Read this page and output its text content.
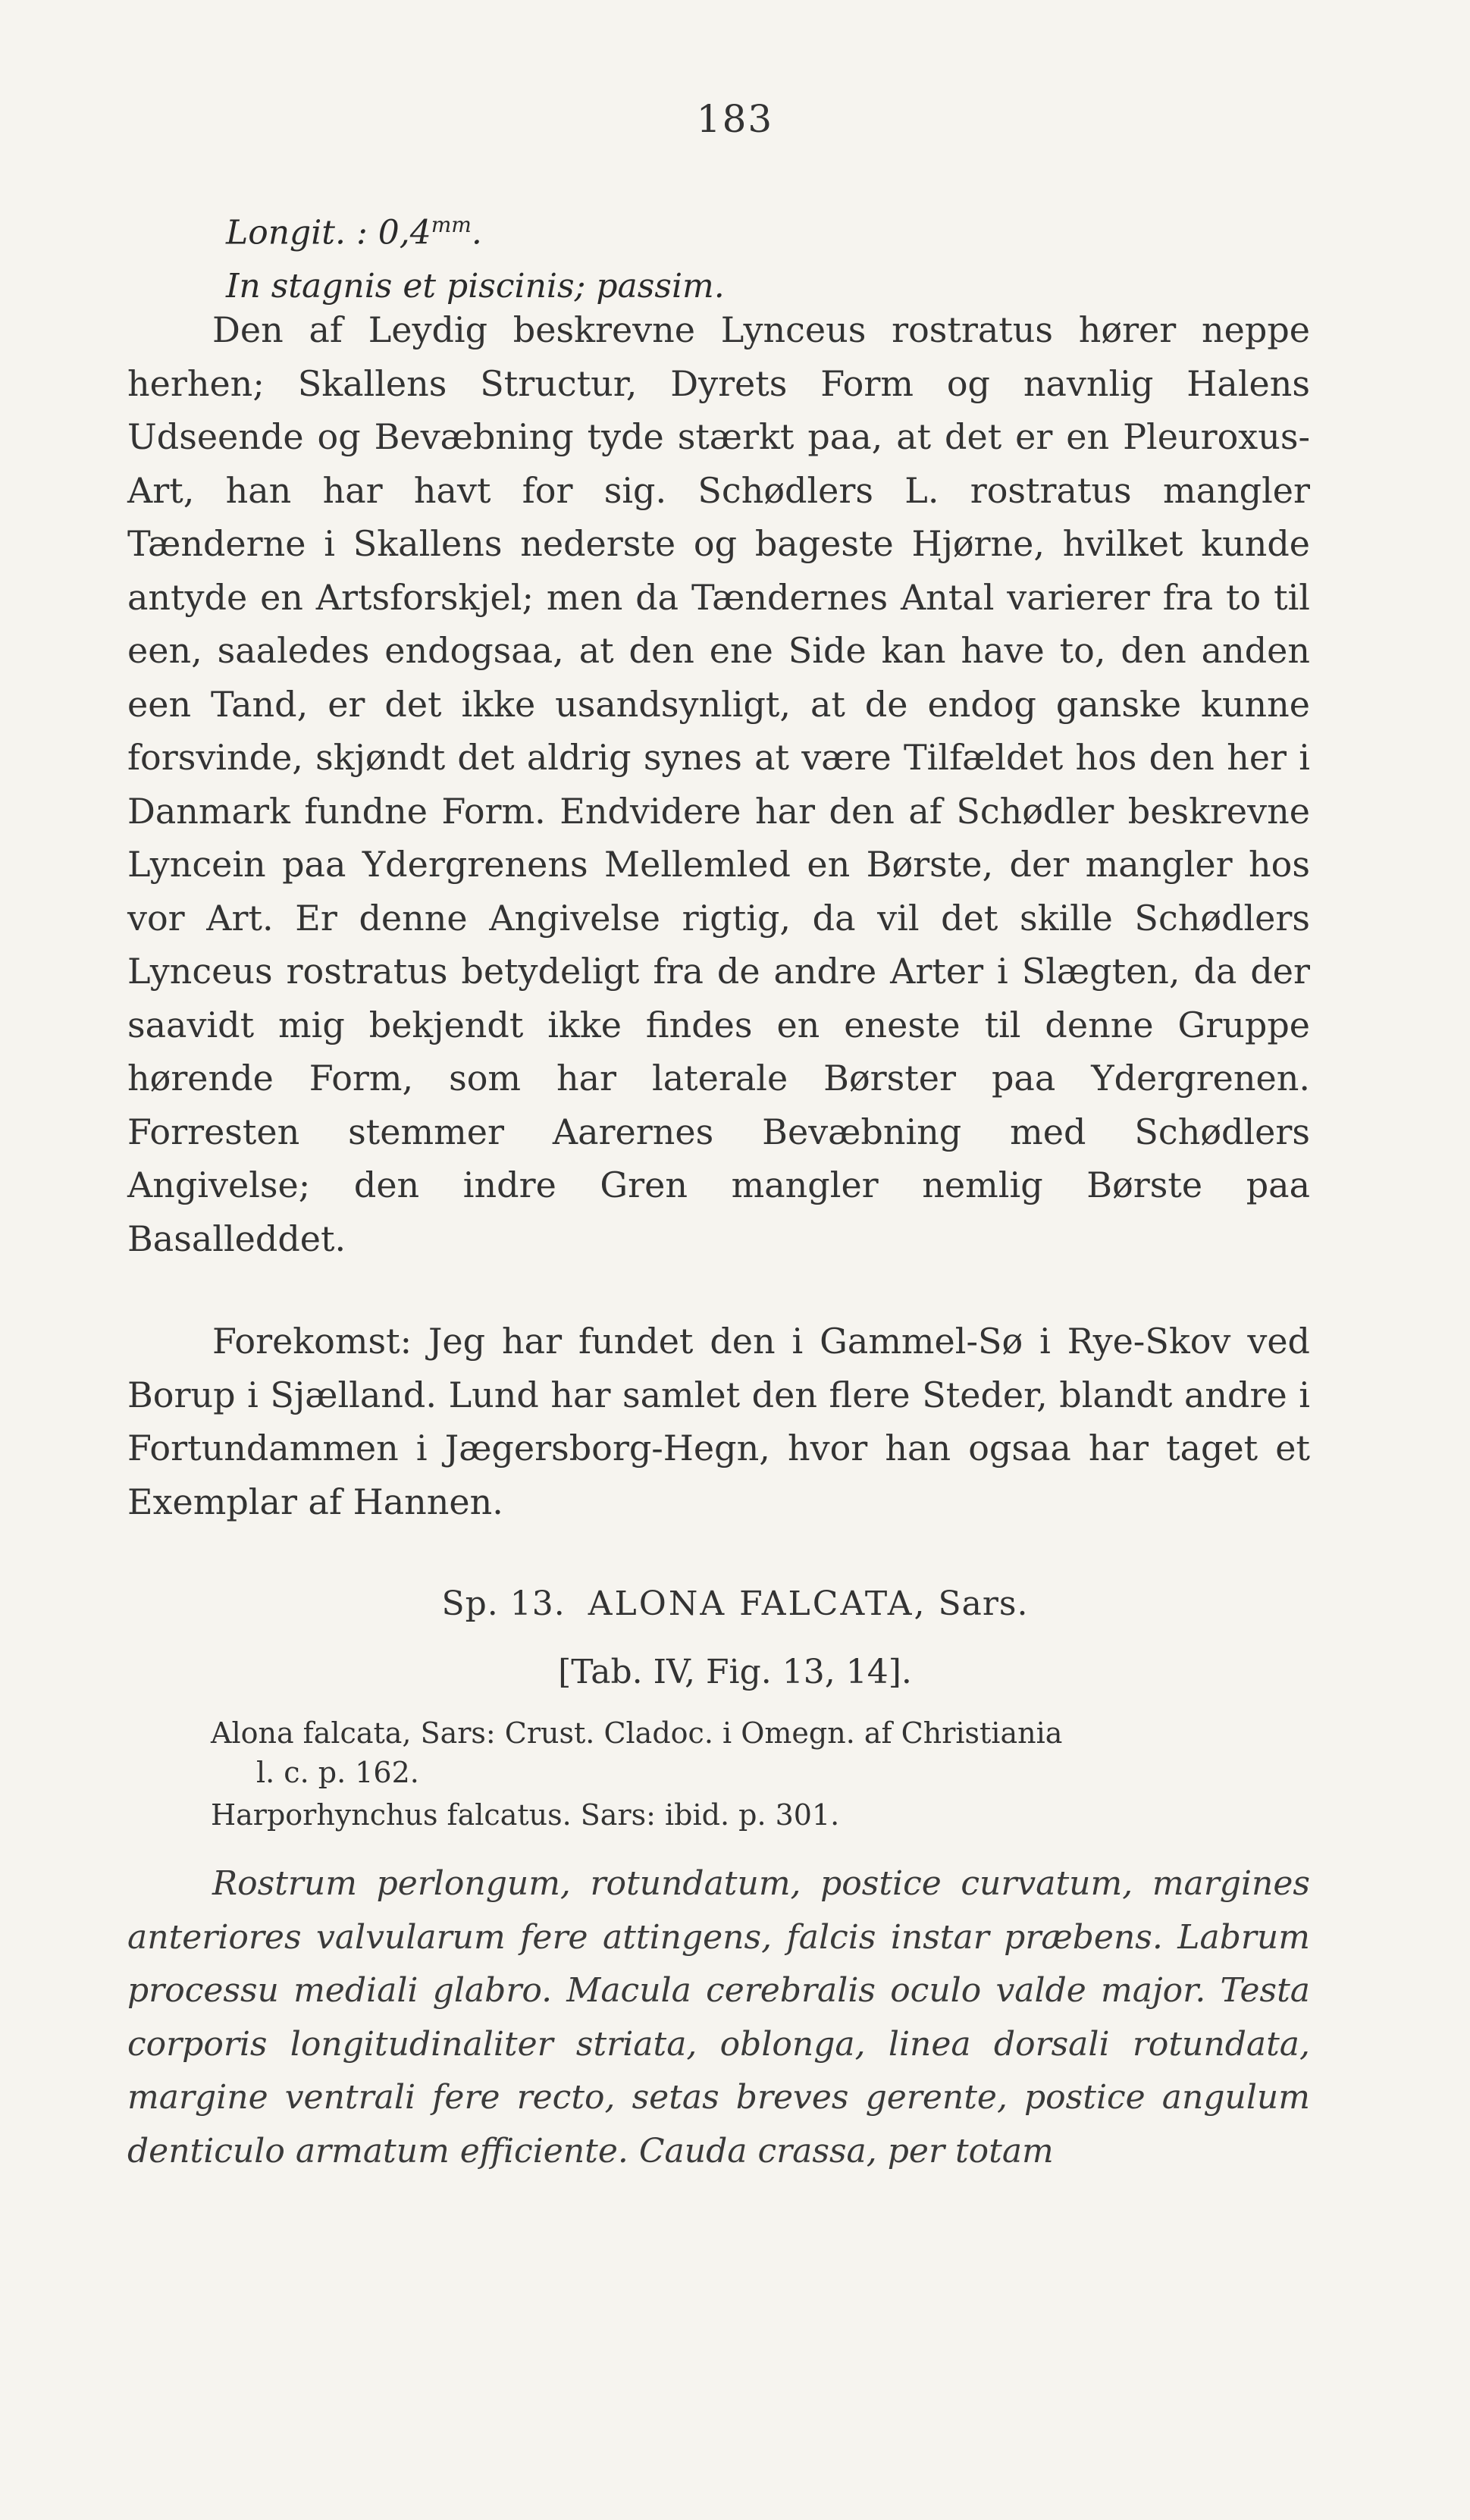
183
Longit. : $0,4^{mm}$.
In stagnis et piscinis; passim.

Den af Leydig beskrevne Lynceus rostratus hører neppe herhen; Skallens Structur, Dyrets Form og navnlig Halens Udseende og Bevæbning tyde stærkt paa, at det er en Pleuroxus-Art, han har havt for sig. Schødlers L. rostratus mangler Tænderne i Skallens nederste og bageste Hjørne, hvilket kunde antyde en Artsforskjel; men da Tændernes Antal varierer fra to til een, saaledes endogsaa, at den ene Side kan have to, den anden een Tand, er det ikke usandsynligt, at de endog ganske kunne forsvinde, skjøndt det aldrig synes at være Tilfældet hos den her i Danmark fundne Form. Endvidere har den af Schødler beskrevne Lyncein paa Ydergrenens Mellemled en Børste, der mangler hos vor Art. Er denne Angivelse rigtig, da vil det skille Schødlers Lynceus rostratus betydeligt fra de andre Arter i Slægten, da der saavidt mig bekjendt ikke findes en eneste til denne Gruppe hørende Form, som har laterale Børster paa Ydergrenen. Forresten stemmer Aarernes Bevæbning med Schødlers Angivelse; den indre Gren mangler nemlig Børste paa Basalleddet.

Forekomst: Jeg har fundet den i Gammel-Sø i Rye-Skov ved Borup i Sjælland. Lund har samlet den flere Steder, blandt andre i Fortundammen i Jægersborg-Hegn, hvor han ogsaa har taget et Exemplar af Hannen.

Sp. 13. ALONA FALCATA, Sars.
[Tab. IV, Fig. 13, 14].
Alona falcata, Sars: Crust. Cladoc. i Omegn. af Christiania
l. c. p. 162.
Harporhynchus falcatus. Sars: ibid. p. 301.

Rostrum perlongum, rotundatum, postice curvatum, margines anteriores valvularum fere attingens, falcis instar præbens. Labrum processu mediali glabro. Macula cerebralis oculo valde major. Testa corporis longitudinaliter striata, oblonga, linea dorsali rotundata, margine ventrali fere recto, setas breves gerente, postice angulum denticulo armatum efficiente. Cauda crassa, per totam
